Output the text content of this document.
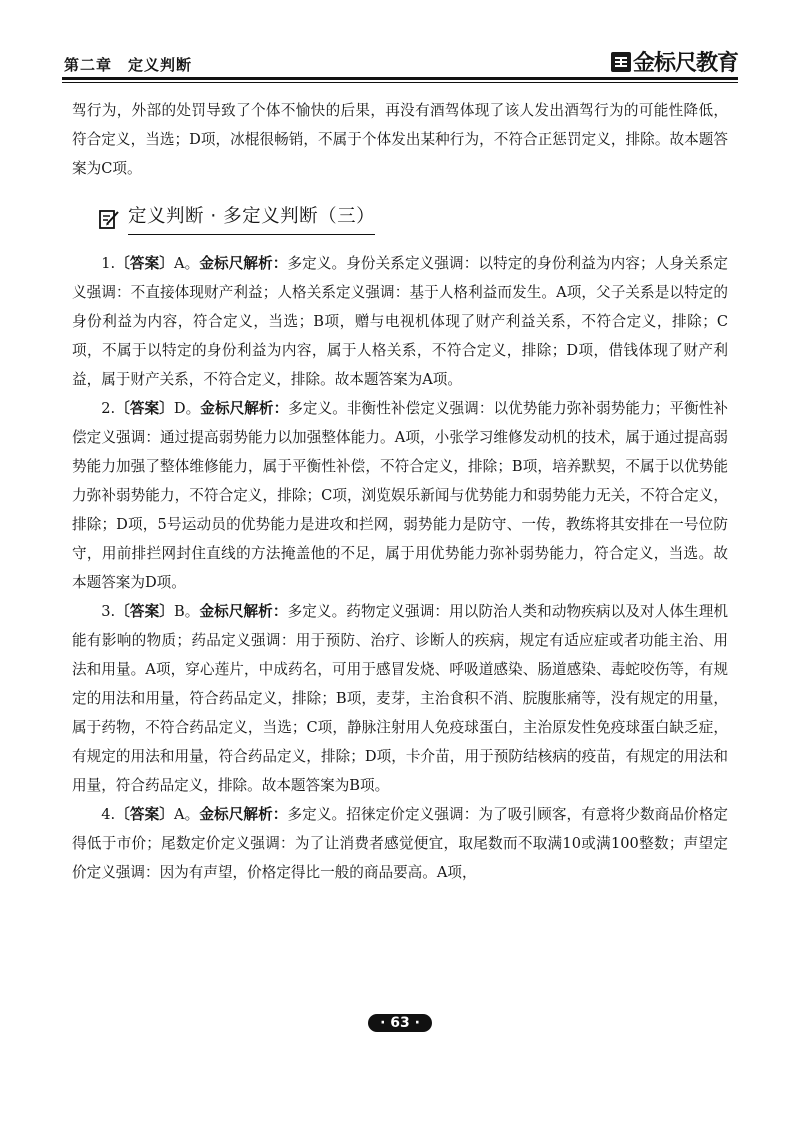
第二章　定义判断	金标尺教育

驾行为，外部的处罚导致了个体不愉快的后果，再没有酒驾体现了该人发出酒驾行为的可能性降低，符合定义，当选；D项，冰棍很畅销，不属于个体发出某种行为，不符合正惩罚定义，排除。故本题答案为C项。

定义判断 · 多定义判断（三）

1.〔答案〕A。金标尺解析：多定义。身份关系定义强调：以特定的身份利益为内容；人身关系定义强调：不直接体现财产利益；人格关系定义强调：基于人格利益而发生。A项，父子关系是以特定的身份利益为内容，符合定义，当选；B项，赠与电视机体现了财产利益关系，不符合定义，排除；C项，不属于以特定的身份利益为内容，属于人格关系，不符合定义，排除；D项，借钱体现了财产利益，属于财产关系，不符合定义，排除。故本题答案为A项。

2.〔答案〕D。金标尺解析：多定义。非衡性补偿定义强调：以优势能力弥补弱势能力；平衡性补偿定义强调：通过提高弱势能力以加强整体能力。A项，小张学习维修发动机的技术，属于通过提高弱势能力加强了整体维修能力，属于平衡性补偿，不符合定义，排除；B项，培养默契，不属于以优势能力弥补弱势能力，不符合定义，排除；C项，浏览娱乐新闻与优势能力和弱势能力无关，不符合定义，排除；D项，5号运动员的优势能力是进攻和拦网，弱势能力是防守、一传，教练将其安排在一号位防守，用前排拦网封住直线的方法掩盖他的不足，属于用优势能力弥补弱势能力，符合定义，当选。故本题答案为D项。

3.〔答案〕B。金标尺解析：多定义。药物定义强调：用以防治人类和动物疾病以及对人体生理机能有影响的物质；药品定义强调：用于预防、治疗、诊断人的疾病，规定有适应症或者功能主治、用法和用量。A项，穿心莲片，中成药名，可用于感冒发烧、呼吸道感染、肠道感染、毒蛇咬伤等，有规定的用法和用量，符合药品定义，排除；B项，麦芽，主治食积不消、脘腹胀痛等，没有规定的用量，属于药物，不符合药品定义，当选；C项，静脉注射用人免疫球蛋白，主治原发性免疫球蛋白缺乏症，有规定的用法和用量，符合药品定义，排除；D项，卡介苗，用于预防结核病的疫苗，有规定的用法和用量，符合药品定义，排除。故本题答案为B项。

4.〔答案〕A。金标尺解析：多定义。招徕定价定义强调：为了吸引顾客，有意将少数商品价格定得低于市价；尾数定价定义强调：为了让消费者感觉便宜，取尾数而不取满10或满100整数；声望定价定义强调：因为有声望，价格定得比一般的商品要高。A项，

· 63 ·
